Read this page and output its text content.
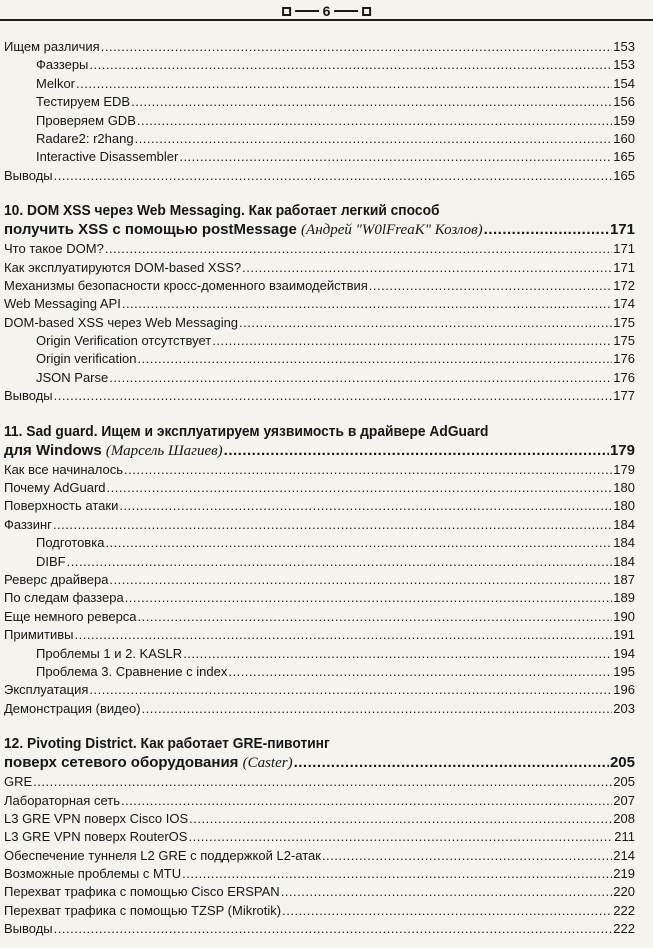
6
Ищем различия .....	153
Фаззеры .....	153
Melkor .....	154
Тестируем EDB .....	156
Проверяем GDB .....	159
Radare2: r2hang .....	160
Interactive Disassembler .....	165
Выводы .....	165
10. DOM XSS через Web Messaging. Как работает легкий способ
получить XSS с помощью postMessage (Андрей "W0lFreaK" Козлов) .....	171
Что такое DOM? .....	171
Как эксплуатируются DOM-based XSS? .....	171
Механизмы безопасности кросс-доменного взаимодействия .....	172
Web Messaging API .....	174
DOM-based XSS через Web Messaging .....	175
Origin Verification отсутствует .....	175
Origin verification .....	176
JSON Parse .....	176
Выводы .....	177
11. Sad guard. Ищем и эксплуатируем уязвимость в драйвере AdGuard
для Windows (Марсель Шагиев) .....	179
Как все начиналось .....	179
Почему AdGuard .....	180
Поверхность атаки .....	180
Фаззинг .....	184
Подготовка .....	184
DIBF .....	184
Реверс драйвера .....	187
По следам фаззера .....	189
Еще немного реверса .....	190
Примитивы .....	191
Проблемы 1 и 2. KASLR .....	194
Проблема 3. Сравнение с index .....	195
Эксплуатация .....	196
Демонстрация (видео) .....	203
12. Pivoting District. Как работает GRE-пивотинг
поверх сетевого оборудования (Caster) .....	205
GRE .....	205
Лабораторная сеть .....	207
L3 GRE VPN поверх Cisco IOS .....	208
L3 GRE VPN поверх RouterOS .....	211
Обеспечение туннеля L2 GRE с поддержкой L2-атак .....	214
Возможные проблемы с MTU .....	219
Перехват трафика с помощью Cisco ERSPAN .....	220
Перехват трафика с помощью TZSP (Mikrotik) .....	222
Выводы .....	222
